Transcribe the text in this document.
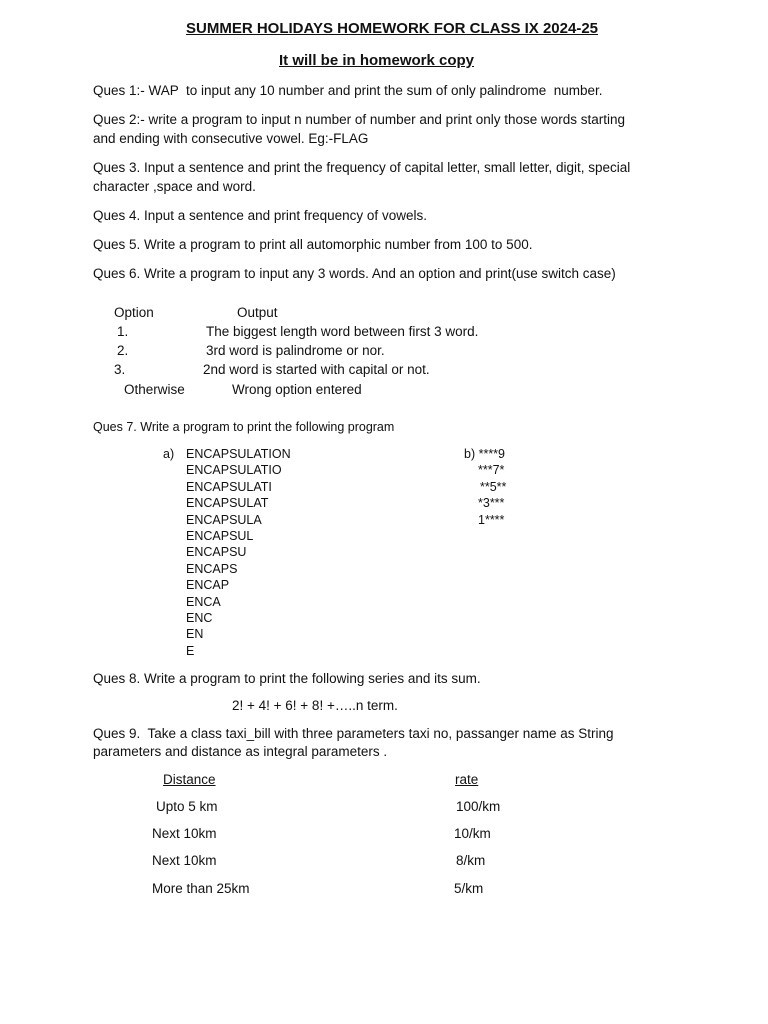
SUMMER HOLIDAYS HOMEWORK FOR CLASS IX 2024-25
It will be in homework copy
Ques 1:- WAP  to input any 10 number and print the sum of only palindrome  number.
Ques 2:- write a program to input n number of number and print only those words starting
and ending with consecutive vowel. Eg:-FLAG
Ques 3. Input a sentence and print the frequency of capital letter, small letter, digit, special
character ,space and word.
Ques 4. Input a sentence and print frequency of vowels.
Ques 5. Write a program to print all automorphic number from 100 to 500.
Ques 6. Write a program to input any 3 words. And an option and print(use switch case)
Option	Output
1.	The biggest length word between first 3 word.
2.	3rd word is palindrome or nor.
3.	2nd word is started with capital or not.
Otherwise	Wrong option entered
Ques 7. Write a program to print the following program
a) ENCAPSULATION
ENCAPSULATIO
ENCAPSULATI
ENCAPSULAT
ENCAPSULA
ENCAPSUL
ENCAPSU
ENCAPS
ENCAP
ENCA
ENC
EN
E
b) ****9
***7*
**5**
*3***
1****
Ques 8. Write a program to print the following series and its sum.
2! + 4! + 6! + 8! +…..n term.
Ques 9.  Take a class taxi_bill with three parameters taxi no, passanger name as String
parameters and distance as integral parameters .
Distance	rate
Upto 5 km	100/km
Next 10km	10/km
Next 10km	8/km
More than 25km	5/km
